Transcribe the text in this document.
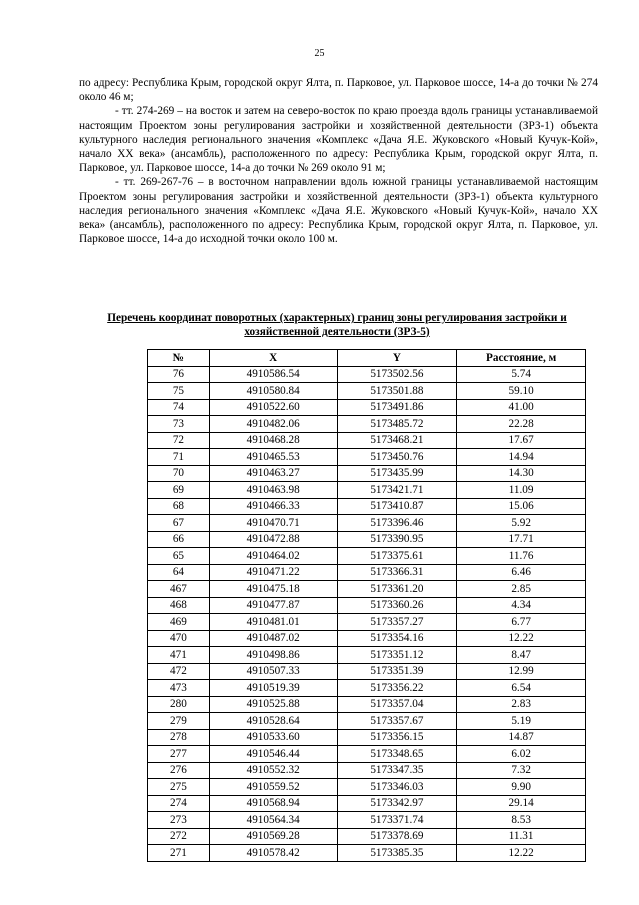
25

по адресу: Республика Крым, городской округ Ялта, п. Парковое, ул. Парковое шоссе, 14-а до точки № 274 около 46 м;

- тт. 274-269 – на восток и затем на северо-восток по краю проезда вдоль границы устанавливаемой настоящим Проектом зоны регулирования застройки и хозяйственной деятельности (ЗРЗ-1) объекта культурного наследия регионального значения «Комплекс «Дача Я.Е. Жуковского «Новый Кучук-Кой», начало ХХ века» (ансамбль), расположенного по адресу: Республика Крым, городской округ Ялта, п. Парковое, ул. Парковое шоссе, 14-а до точки № 269 около 91 м;

- тт. 269-267-76 – в восточном направлении вдоль южной границы устанавливаемой настоящим Проектом зоны регулирования застройки и хозяйственной деятельности (ЗРЗ-1) объекта культурного наследия регионального значения «Комплекс «Дача Я.Е. Жуковского «Новый Кучук-Кой», начало ХХ века» (ансамбль), расположенного по адресу: Республика Крым, городской округ Ялта, п. Парковое, ул. Парковое шоссе, 14-а до исходной точки около 100 м.

Перечень координат поворотных (характерных) границ зоны регулирования застройки и хозяйственной деятельности (ЗРЗ-5)
№	X	Y	Расстояние, м
76	4910586.54	5173502.56	5.74
75	4910580.84	5173501.88	59.10
74	4910522.60	5173491.86	41.00
73	4910482.06	5173485.72	22.28
72	4910468.28	5173468.21	17.67
71	4910465.53	5173450.76	14.94
70	4910463.27	5173435.99	14.30
69	4910463.98	5173421.71	11.09
68	4910466.33	5173410.87	15.06
67	4910470.71	5173396.46	5.92
66	4910472.88	5173390.95	17.71
65	4910464.02	5173375.61	11.76
64	4910471.22	5173366.31	6.46
467	4910475.18	5173361.20	2.85
468	4910477.87	5173360.26	4.34
469	4910481.01	5173357.27	6.77
470	4910487.02	5173354.16	12.22
471	4910498.86	5173351.12	8.47
472	4910507.33	5173351.39	12.99
473	4910519.39	5173356.22	6.54
280	4910525.88	5173357.04	2.83
279	4910528.64	5173357.67	5.19
278	4910533.60	5173356.15	14.87
277	4910546.44	5173348.65	6.02
276	4910552.32	5173347.35	7.32
275	4910559.52	5173346.03	9.90
274	4910568.94	5173342.97	29.14
273	4910564.34	5173371.74	8.53
272	4910569.28	5173378.69	11.31
271	4910578.42	5173385.35	12.22
